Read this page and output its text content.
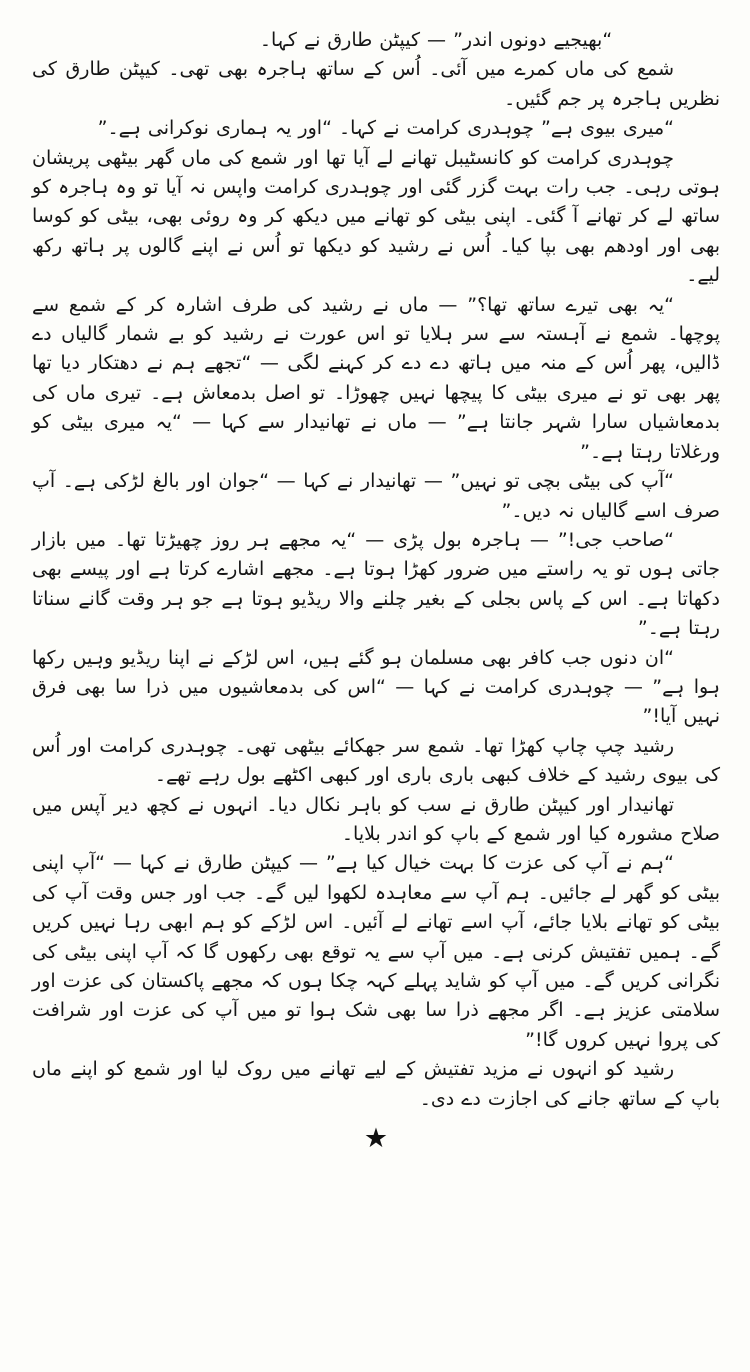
“بھیجیے دونوں اندر” — کیپٹن طارق نے کہا۔

شمع کی ماں کمرے میں آئی۔ اُس کے ساتھ ہاجرہ بھی تھی۔ کیپٹن طارق کی نظریں ہاجرہ پر جم گئیں۔

“میری بیوی ہے” چوہدری کرامت نے کہا۔ “اور یہ ہماری نوکرانی ہے۔”

چوہدری کرامت کو کانسٹیبل تھانے لے آیا تھا اور شمع کی ماں گھر بیٹھی پریشان ہوتی رہی۔ جب رات بہت گزر گئی اور چوہدری کرامت واپس نہ آیا تو وہ ہاجرہ کو ساتھ لے کر تھانے آ گئی۔ اپنی بیٹی کو تھانے میں دیکھ کر وہ روئی بھی، بیٹی کو کوسا بھی اور اودھم بھی بپا کیا۔ اُس نے رشید کو دیکھا تو اُس نے اپنے گالوں پر ہاتھ رکھ لیے۔

“یہ بھی تیرے ساتھ تھا؟” — ماں نے رشید کی طرف اشارہ کر کے شمع سے پوچھا۔ شمع نے آہستہ سے سر ہلایا تو اس عورت نے رشید کو بے شمار گالیاں دے ڈالیں، پھر اُس کے منہ میں ہاتھ دے دے کر کہنے لگی — “تجھے ہم نے دھتکار دیا تھا پھر بھی تو نے میری بیٹی کا پیچھا نہیں چھوڑا۔ تو اصل بدمعاش ہے۔ تیری ماں کی بدمعاشیاں سارا شہر جانتا ہے” — ماں نے تھانیدار سے کہا — “یہ میری بیٹی کو ورغلاتا رہتا ہے۔”

“آپ کی بیٹی بچی تو نہیں” — تھانیدار نے کہا — “جوان اور بالغ لڑکی ہے۔ آپ صرف اسے گالیاں نہ دیں۔”

“صاحب جی!” — ہاجرہ بول پڑی — “یہ مجھے ہر روز چھیڑتا تھا۔ میں بازار جاتی ہوں تو یہ راستے میں ضرور کھڑا ہوتا ہے۔ مجھے اشارے کرتا ہے اور پیسے بھی دکھاتا ہے۔ اس کے پاس بجلی کے بغیر چلنے والا ریڈیو ہوتا ہے جو ہر وقت گانے سناتا رہتا ہے۔”

“ان دنوں جب کافر بھی مسلمان ہو گئے ہیں، اس لڑکے نے اپنا ریڈیو وہیں رکھا ہوا ہے” — چوہدری کرامت نے کہا — “اس کی بدمعاشیوں میں ذرا سا بھی فرق نہیں آیا!”

رشید چپ چاپ کھڑا تھا۔ شمع سر جھکائے بیٹھی تھی۔ چوہدری کرامت اور اُس کی بیوی رشید کے خلاف کبھی باری باری اور کبھی اکٹھے بول رہے تھے۔

تھانیدار اور کیپٹن طارق نے سب کو باہر نکال دیا۔ انہوں نے کچھ دیر آپس میں صلاح مشورہ کیا اور شمع کے باپ کو اندر بلایا۔

“ہم نے آپ کی عزت کا بہت خیال کیا ہے” — کیپٹن طارق نے کہا — “آپ اپنی بیٹی کو گھر لے جائیں۔ ہم آپ سے معاہدہ لکھوا لیں گے۔ جب اور جس وقت آپ کی بیٹی کو تھانے بلایا جائے، آپ اسے تھانے لے آئیں۔ اس لڑکے کو ہم ابھی رہا نہیں کریں گے۔ ہمیں تفتیش کرنی ہے۔ میں آپ سے یہ توقع بھی رکھوں گا کہ آپ اپنی بیٹی کی نگرانی کریں گے۔ میں آپ کو شاید پہلے کہہ چکا ہوں کہ مجھے پاکستان کی عزت اور سلامتی عزیز ہے۔ اگر مجھے ذرا سا بھی شک ہوا تو میں آپ کی عزت اور شرافت کی پروا نہیں کروں گا!”

رشید کو انہوں نے مزید تفتیش کے لیے تھانے میں روک لیا اور شمع کو اپنے ماں باپ کے ساتھ جانے کی اجازت دے دی۔

★
